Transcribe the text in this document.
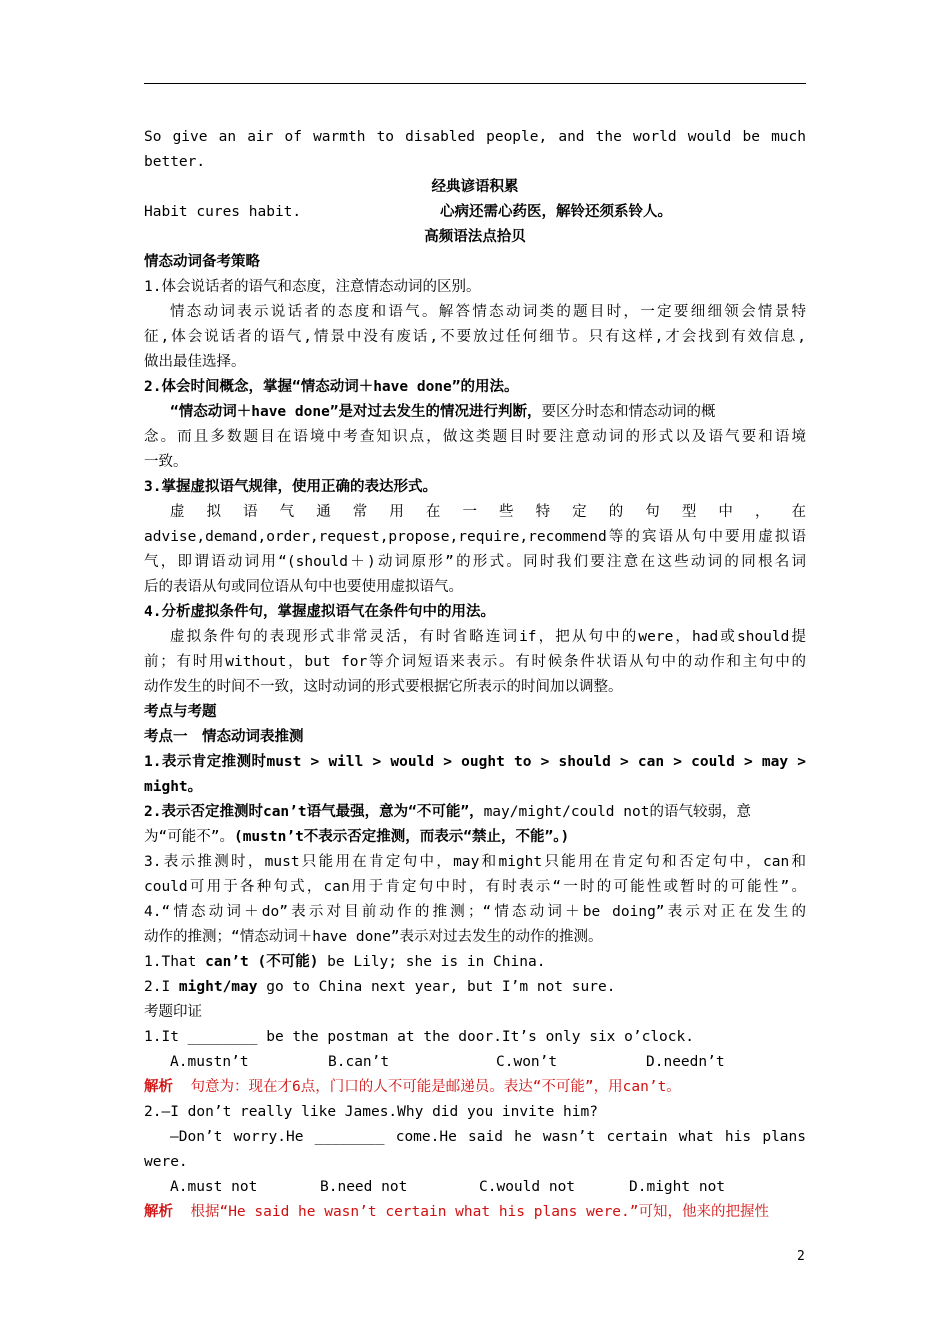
So give an air of warmth to disabled people, and the world would be much
better.
经典谚语积累
Habit cures habit.	心病还需心药医，解铃还须系铃人。
高频语法点拾贝
情态动词备考策略
1.体会说话者的语气和态度，注意情态动词的区别。
情态动词表示说话者的态度和语气。解答情态动词类的题目时，一定要细细领会情景特
征,体会说话者的语气,情景中没有废话,不要放过任何细节。只有这样,才会找到有效信息,
做出最佳选择。
2.体会时间概念，掌握“情态动词＋have done”的用法。
“情态动词＋have done”是对过去发生的情况进行判断，要区分时态和情态动词的概
念。而且多数题目在语境中考查知识点，做这类题目时要注意动词的形式以及语气要和语境
一致。
3.掌握虚拟语气规律，使用正确的表达形式。
虚 拟 语 气 通 常 用 在 一 些 特 定 的 句 型 中 ， 在
advise,demand,order,request,propose,require,recommend等的宾语从句中要用虚拟语
气，即谓语动词用“(should＋)动词原形”的形式。同时我们要注意在这些动词的同根名词
后的表语从句或同位语从句中也要使用虚拟语气。
4.分析虚拟条件句，掌握虚拟语气在条件句中的用法。
虚拟条件句的表现形式非常灵活，有时省略连词if，把从句中的were，had或should提
前；有时用without，but for等介词短语来表示。有时候条件状语从句中的动作和主句中的
动作发生的时间不一致，这时动词的形式要根据它所表示的时间加以调整。
考点与考题
考点一　情态动词表推测
1.表示肯定推测时must > will > would > ought to > should > can > could > may >
might。
2.表示否定推测时can’t语气最强，意为“不可能”，may/might/could not的语气较弱，意
为“可能不”。(mustn’t不表示否定推测，而表示“禁止，不能”。)
3.表示推测时，must只能用在肯定句中，may和might只能用在肯定句和否定句中，can和
could可用于各种句式，can用于肯定句中时，有时表示“一时的可能性或暂时的可能性”。
4.“情态动词＋do”表示对目前动作的推测；“情态动词＋be doing”表示对正在发生的
动作的推测；“情态动词＋have done”表示对过去发生的动作的推测。
1.That can’t (不可能) be Lily; she is in China.
2.I might/may go to China next year, but I’m not sure.
考题印证
1.It ________ be the postman at the door.It’s only six o’clock.
A.mustn’t	B.can’t	C.won’t	D.needn’t
解析 句意为：现在才6点，门口的人不可能是邮递员。表达“不可能”，用can’t。
2.—I don’t really like James.Why did you invite him?
—Don’t worry.He ________ come.He said he wasn’t certain what his plans
were.
A.must not	B.need not	C.would not	D.might not
解析 根据“He said he wasn’t certain what his plans were.”可知，他来的把握性
2
